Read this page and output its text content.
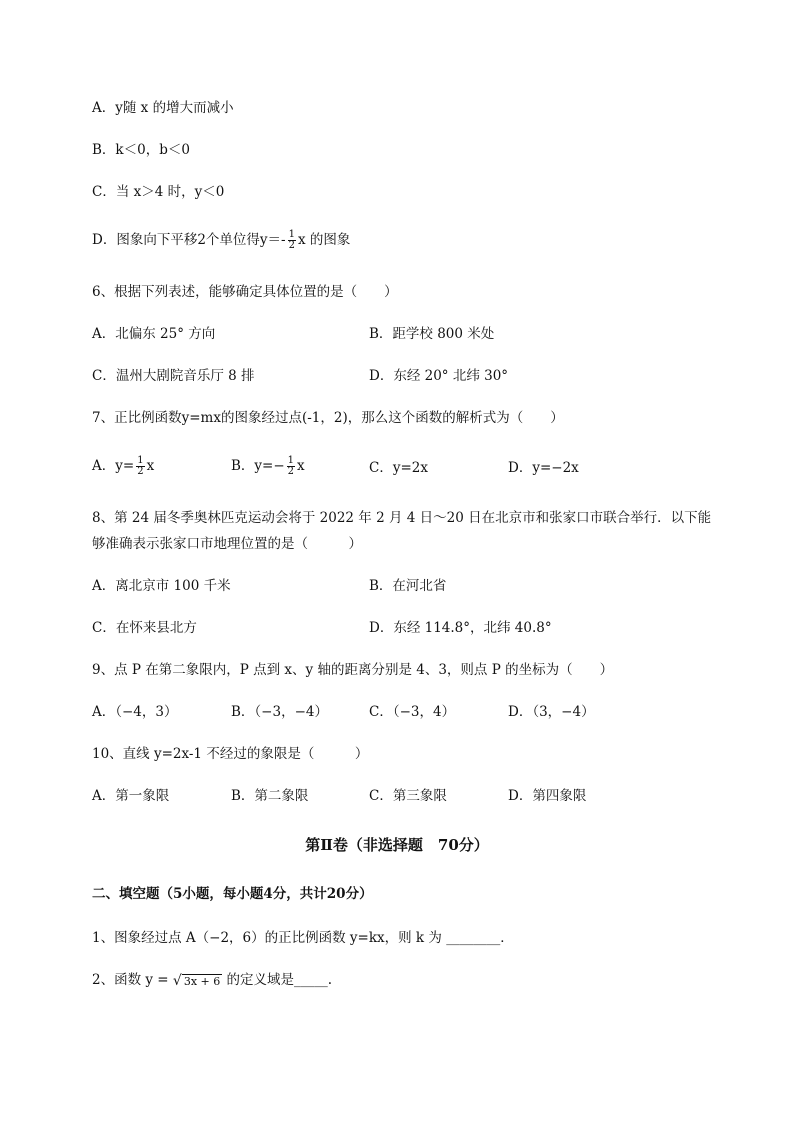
A．y随 x 的增大而减小
B．k＜0，b＜0
C．当 x＞4 时，y＜0
D．图象向下平移2个单位得$y=- \frac{1}{2}$ x 的图象
6、根据下列表述，能够确定具体位置的是（　　）
A．北偏东 25° 方向	B．距学校 800 米处
C．温州大剧院音乐厅 8 排	D．东经 20° 北纬 30°
7、正比例函数y=mx的图象经过点(-1，2)，那么这个函数的解析式为（　　）
A．$y= \frac{1}{2}$ x	B．$y=- \frac{1}{2}$ x	C．y=2x	D．y=−2x
8、第 24 届冬季奥林匹克运动会将于 2022 年 2 月 4 日～20 日在北京市和张家口市联合举行．以下能
够准确表示张家口市地理位置的是（　　　）
A．离北京市 100 千米	B．在河北省
C．在怀来县北方	D．东经 114.8°，北纬 40.8°
9、点 P 在第二象限内，P 点到 x、y 轴的距离分别是 4、3，则点 P 的坐标为（　　）
A．（−4，3）	B．（−3，−4）	C．（−3，4）	D．（3，−4）
10、直线 y=2x-1 不经过的象限是（　　　）
A．第一象限	B．第二象限	C．第三象限	D．第四象限
第Ⅱ卷（非选择题　70分）
二、填空题（5小题，每小题4分，共计20分）
1、图象经过点 A（−2，6）的正比例函数 y=kx，则 k 为 ________．
2、函数 y = √ 3x + 6 的定义域是_____.
